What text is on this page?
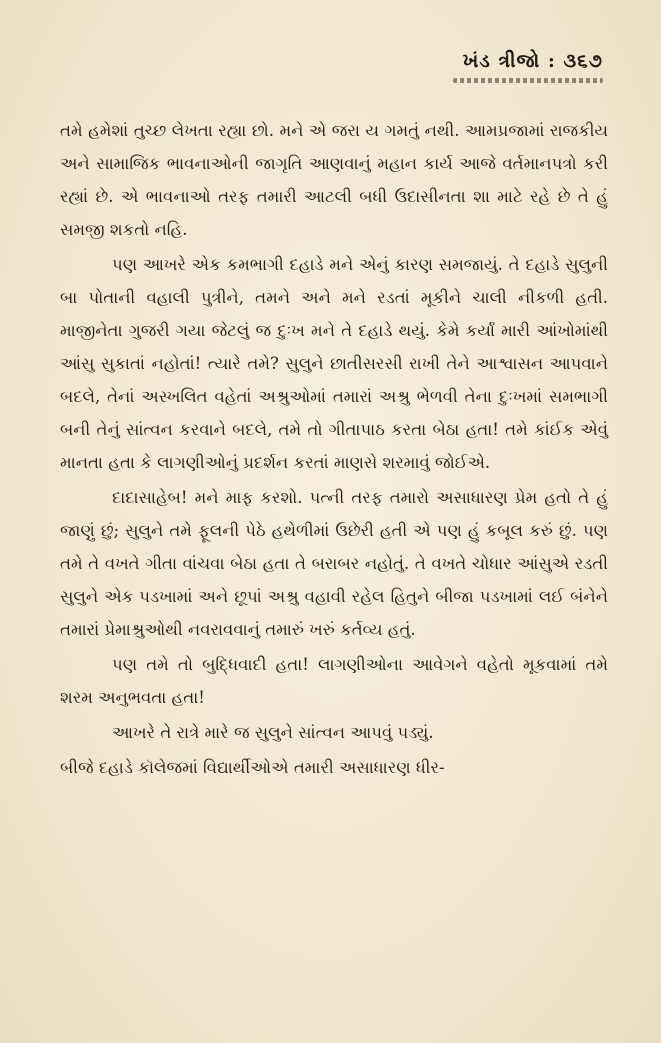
ખંડ ત્રીજો : ૩૬૭

તમે હમેશાં તુચ્છ લેખતા રહ્યા છો. મને એ જરા ય ગમતું નથી. આમપ્રજામાં રાજકીય અને સામાજિક ભાવનાઓની જાગૃતિ આણવાનું મહાન કાર્ય આજે વર્તમાનપત્રો કરી રહ્યાં છે. એ ભાવનાઓ તરફ તમારી આટલી બધી ઉદાસીનતા શા માટે રહે છે તે હું સમજી શકતો નહિ.

પણ આખરે એક કમભાગી દહાડે મને એનું કારણ સમજાયું. તે દહાડે સુલુની બા પોતાની વહાલી પુત્રીને, તમને અને મને રડતાં મૂકીને ચાલી નીકળી હતી. માજીનેતા ગુજરી ગયા જેટલું જ દુઃખ મને તે દહાડે થયું. કેમે કર્યાં મારી આંખોમાંથી આંસુ સુકાતાં નહોતાં! ત્યારે તમે? સુલુને છાતીસરસી રાખી તેને આશ્વાસન આપવાને બદલે, તેનાં અસ્ખલિત વહેતાં અશ્રુઓમાં તમારાં અશ્રુ ભેળવી તેના દુઃખમાં સમભાગી બની તેનું સાંત્વન કરવાને બદલે, તમે તો ગીતાપાઠ કરતા બેઠા હતા! તમે કાંઈક એવું માનતા હતા કે લાગણીઓનું પ્રદર્શન કરતાં માણસે શરમાવું જોઈએ.

દાદાસાહેબ! મને માફ કરશો. પત્ની તરફ તમારો અસાધારણ પ્રેમ હતો તે હું જાણું છું; સુલુને તમે ફૂલની પેઠે હથેળીમાં ઉછેરી હતી એ પણ હું કબૂલ કરું છું. પણ તમે તે વખતે ગીતા વાંચવા બેઠા હતા તે બરાબર નહોતું. તે વખતે ચોધાર આંસુએ રડતી સુલુને એક પડખામાં અને છૂપાં અશ્રુ વહાવી રહેલ હિતુને બીજા પડખામાં લઈ બંનેને તમારાં પ્રેમાશ્રુઓથી નવરાવવાનું તમારું ખરું કર્તવ્ય હતું.

પણ તમે તો બુદ્ધિવાદી હતા! લાગણીઓના આવેગને વહેતો મૂકવામાં તમે શરમ અનુભવતા હતા!

આખરે તે રાત્રે મારે જ સુલુને સાંત્વન આપવું પડ્યું.

બીજે દહાડે કૉલેજમાં વિદ્યાર્થીઓએ તમારી અસાધારણ ધીર-
